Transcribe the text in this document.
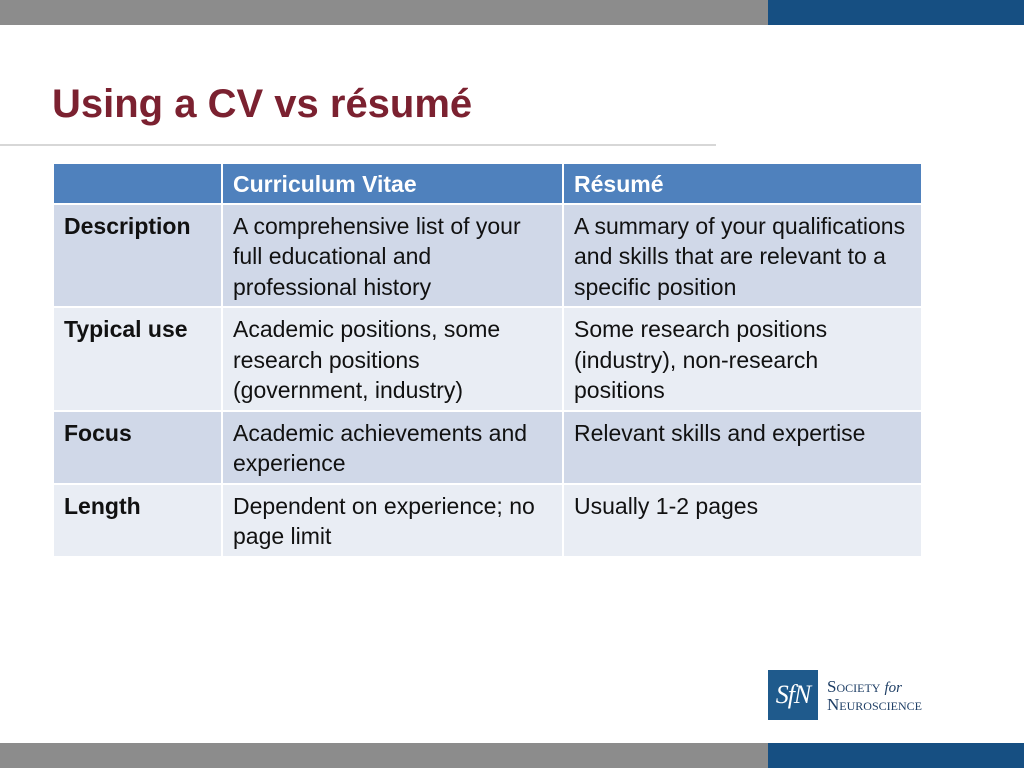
Using a CV vs résumé
	Curriculum Vitae	Résumé
Description	A comprehensive list of your full educational and professional history	A summary of your qualifications and skills that are relevant to a specific position
Typical use	Academic positions, some research positions (government, industry)	Some research positions (industry), non-research positions
Focus	Academic achievements and experience	Relevant skills and expertise
Length	Dependent on experience; no page limit	Usually 1-2 pages
SfN Society for
Neuroscience
